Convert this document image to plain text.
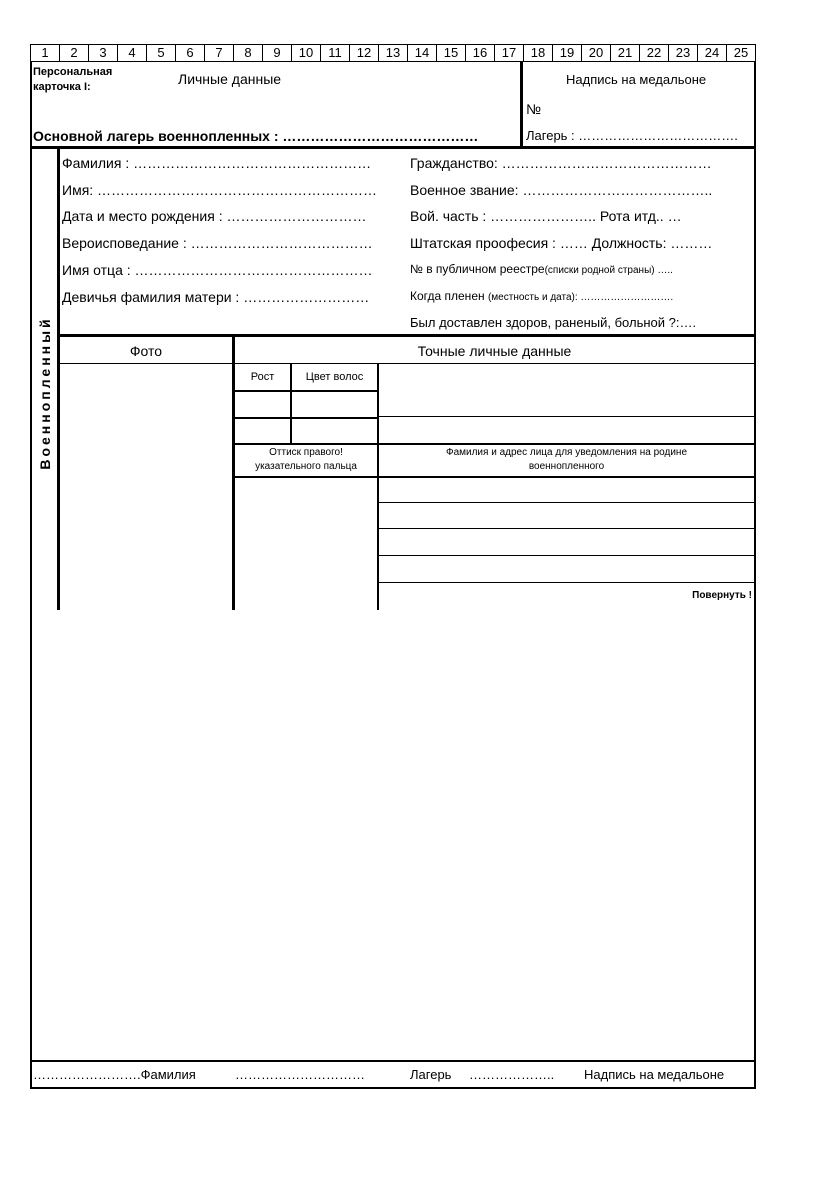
1	2	3	4	5	6	7	8	9	10	11	12	13	14	15	16	17	18	19	20	21	22	23	24	25
Персональная
карточка I:	Личные данные
Основной лагерь военнопленных : ……………………………………
Надпись на медальоне
№
Лагерь : ……………………………….
Военнопленный
Фамилия : ……………………………………………
Имя: ……………………………………………………
Дата и место рождения : …………………………
Вероисповедание : …………………………………
Имя отца : ……………………………………………
Девичья фамилия матери : ………………………
Гражданство: ………………………………………
Военное звание: …………………………………..
Вой. часть : ………………….. Рота итд.. …
Штатская проофесия : …… Должность: ………
№ в публичном реестре(списки родной страны) …..
Когда пленен (местность и дата): ……………………….
Был доставлен здоров, раненый, больной ?:….
Фото	Точные личные данные
Рост	Цвет волос
Оттиск правого!
указательного пальца
Фамилия и адрес лица для уведомления на родине
военнопленного
Повернуть !
…………………….Фамилия	…………………………	Лагерь ……………….. Надпись на медальоне
